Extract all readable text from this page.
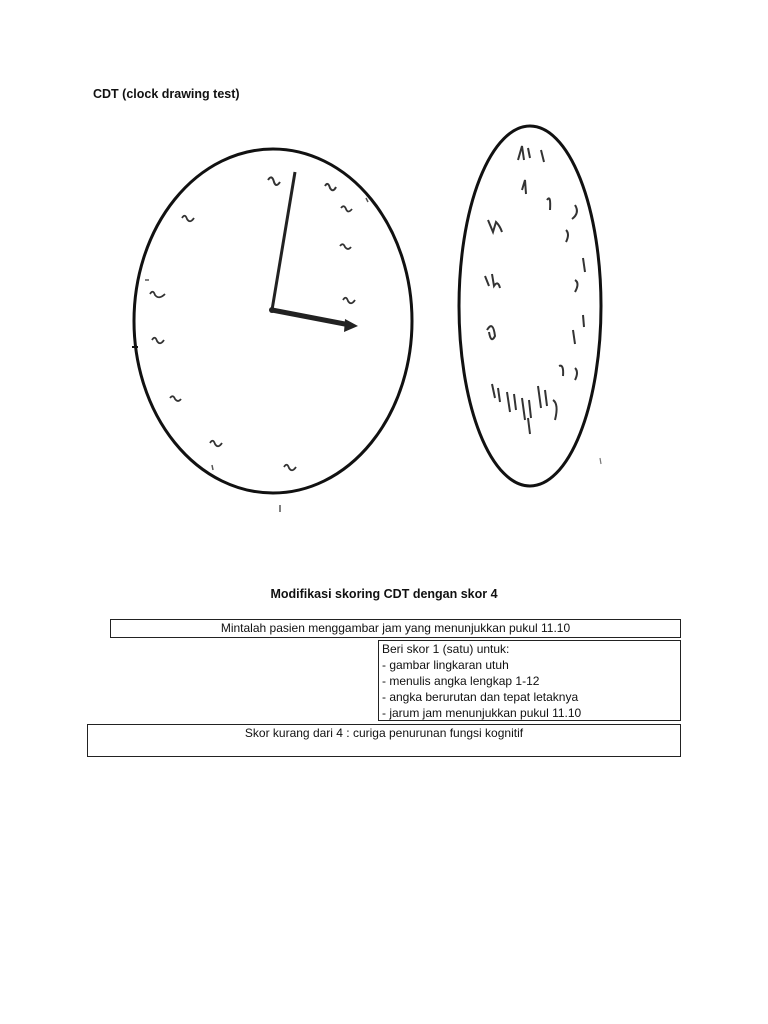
CDT (clock drawing test)
Modifikasi skoring CDT dengan skor 4
Mintalah pasien menggambar jam yang menunjukkan pukul 11.10
Beri skor 1 (satu) untuk:
- gambar lingkaran utuh
- menulis angka lengkap 1-12
- angka berurutan dan tepat letaknya
- jarum jam menunjukkan pukul 11.10
Skor kurang dari 4 : curiga penurunan fungsi kognitif
